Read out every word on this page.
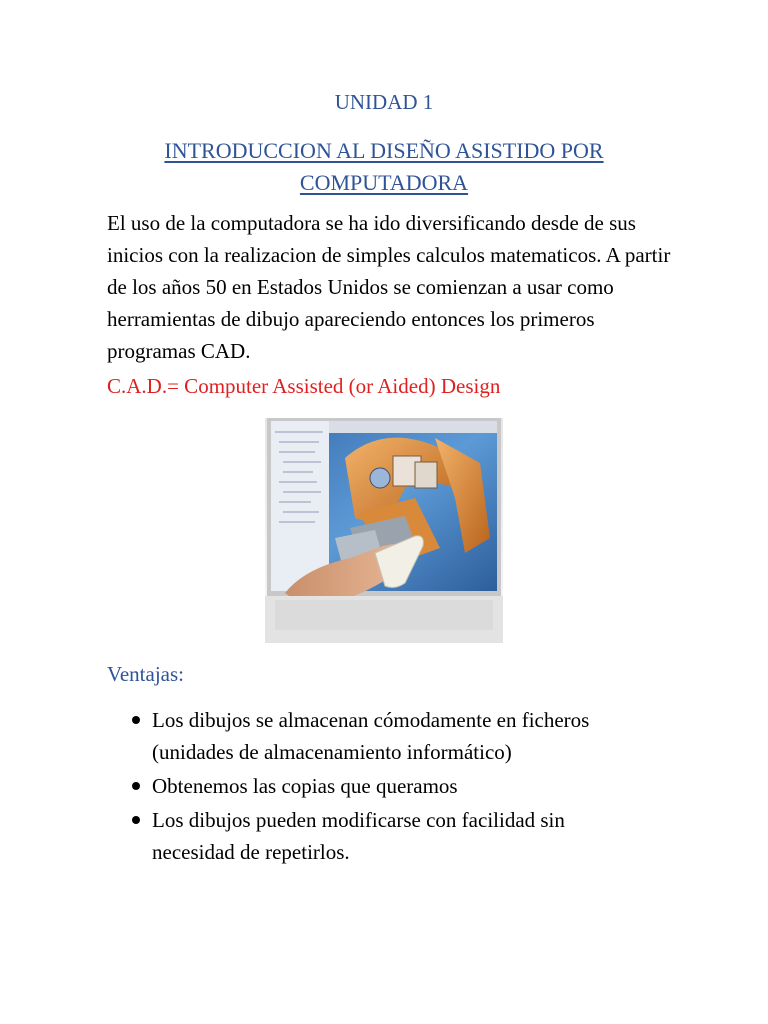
UNIDAD 1
INTRODUCCION AL DISEÑO ASISTIDO POR COMPUTADORA

El uso de la computadora se ha ido diversificando desde de sus inicios con la realizacion de simples calculos matematicos. A partir de los años 50 en Estados Unidos se comienzan a usar como herramientas de dibujo apareciendo entonces los primeros programas CAD.

C.A.D.= Computer Assisted (or Aided) Design
Ventajas:
Los dibujos se almacenan cómodamente en ficheros (unidades de almacenamiento informático)
Obtenemos las copias que queramos
Los dibujos pueden modificarse con facilidad sin necesidad de repetirlos.
